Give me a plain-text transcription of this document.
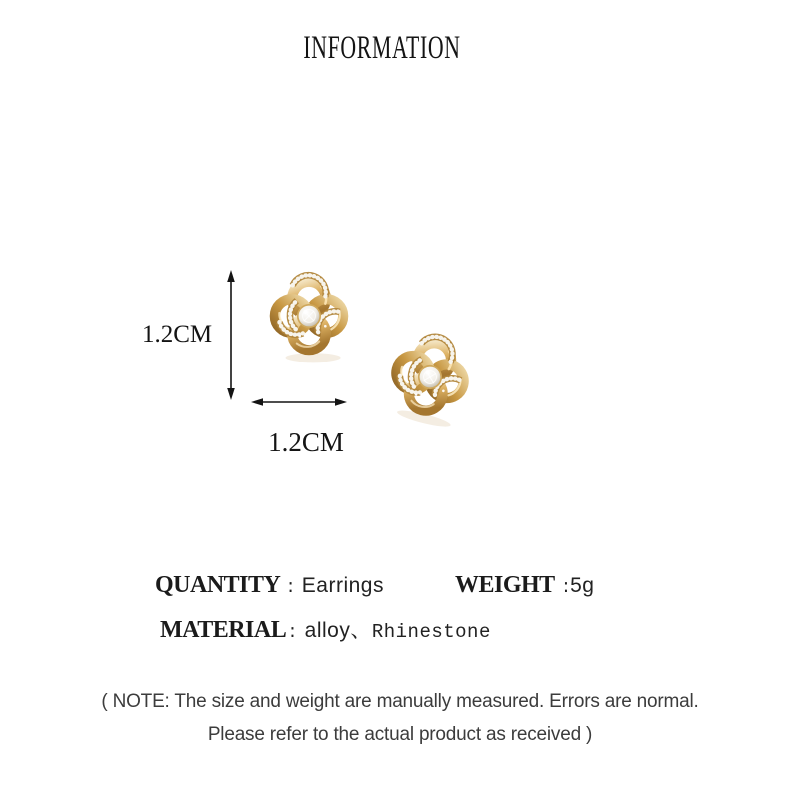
INFORMATION
1.2CM
1.2CM
QUANTITY : Earrings	WEIGHT : 5g
MATERIAL : alloy 、 Rhinestone
( NOTE: The size and weight are manually measured. Errors are normal.
Please refer to the actual product as received )
